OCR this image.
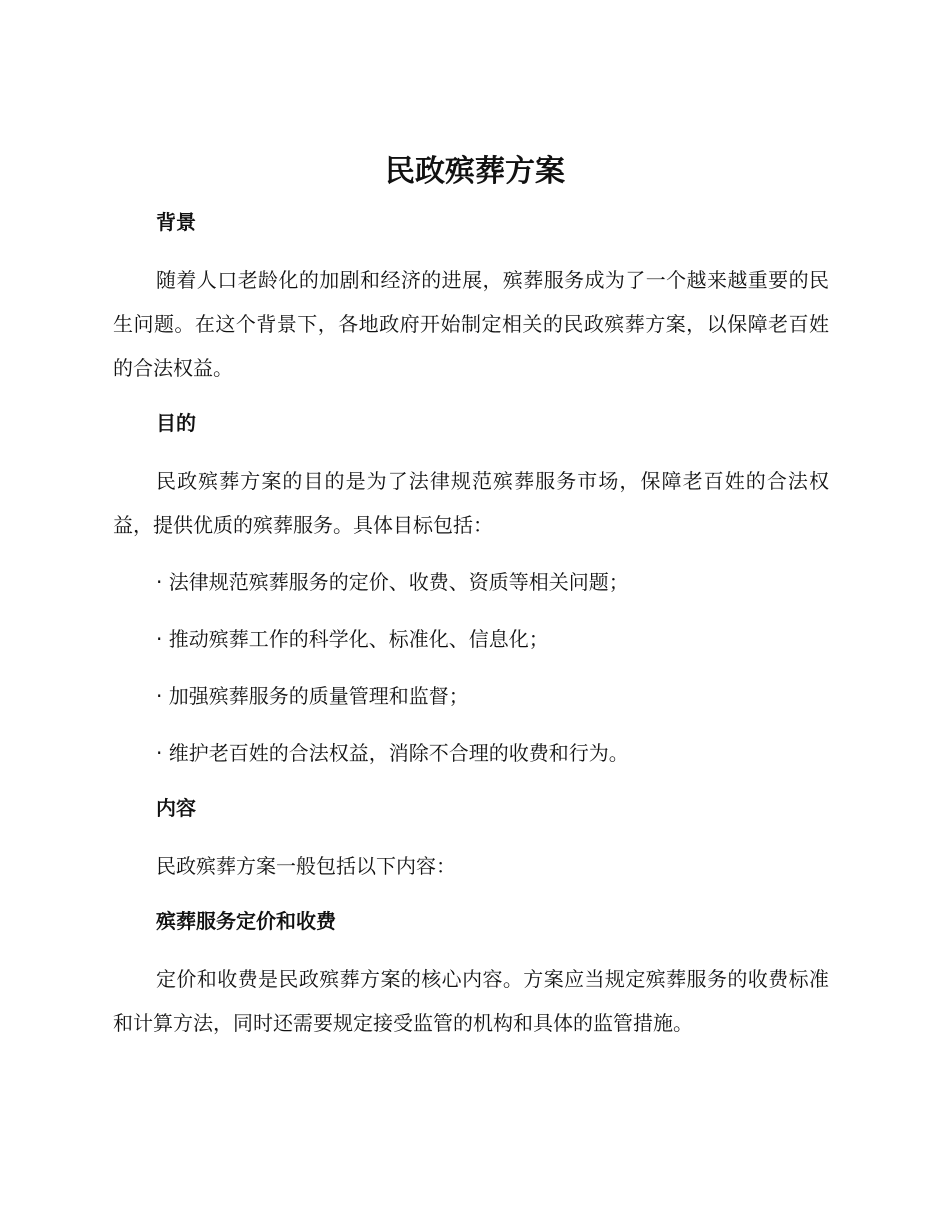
民政殡葬方案
背景

随着人口老龄化的加剧和经济的进展，殡葬服务成为了一个越来越重要的民生问题。在这个背景下，各地政府开始制定相关的民政殡葬方案，以保障老百姓的合法权益。

目的

民政殡葬方案的目的是为了法律规范殡葬服务市场，保障老百姓的合法权益，提供优质的殡葬服务。具体目标包括：

· 法律规范殡葬服务的定价、收费、资质等相关问题；
· 推动殡葬工作的科学化、标准化、信息化；
· 加强殡葬服务的质量管理和监督；
· 维护老百姓的合法权益，消除不合理的收费和行为。
内容

民政殡葬方案一般包括以下内容：

殡葬服务定价和收费

定价和收费是民政殡葬方案的核心内容。方案应当规定殡葬服务的收费标准和计算方法，同时还需要规定接受监管的机构和具体的监管措施。
